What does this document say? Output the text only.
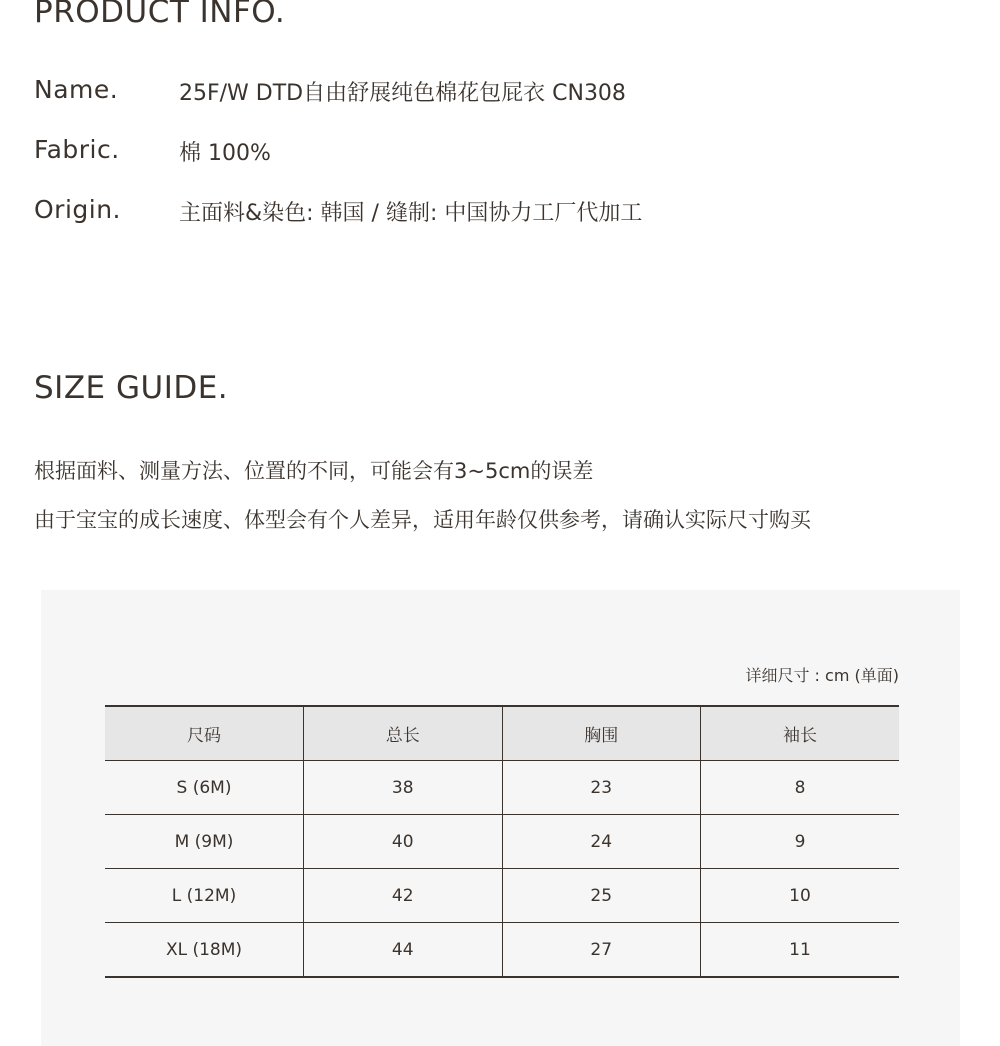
PRODUCT INFO.
Name.	25F/W DTD自由舒展纯色棉花包屁衣 CN308
Fabric.	棉 100%
Origin.	主面料&染色: 韩国 / 缝制: 中国协力工厂代加工
SIZE GUIDE.

根据面料、测量方法、位置的不同，可能会有3~5cm的误差

由于宝宝的成长速度、体型会有个人差异，适用年龄仅供参考，请确认实际尺寸购买

详细尺寸 : cm (单面)
尺码	总长	胸围	袖长
S (6M)	38	23	8
M (9M)	40	24	9
L (12M)	42	25	10
XL (18M)	44	27	11
